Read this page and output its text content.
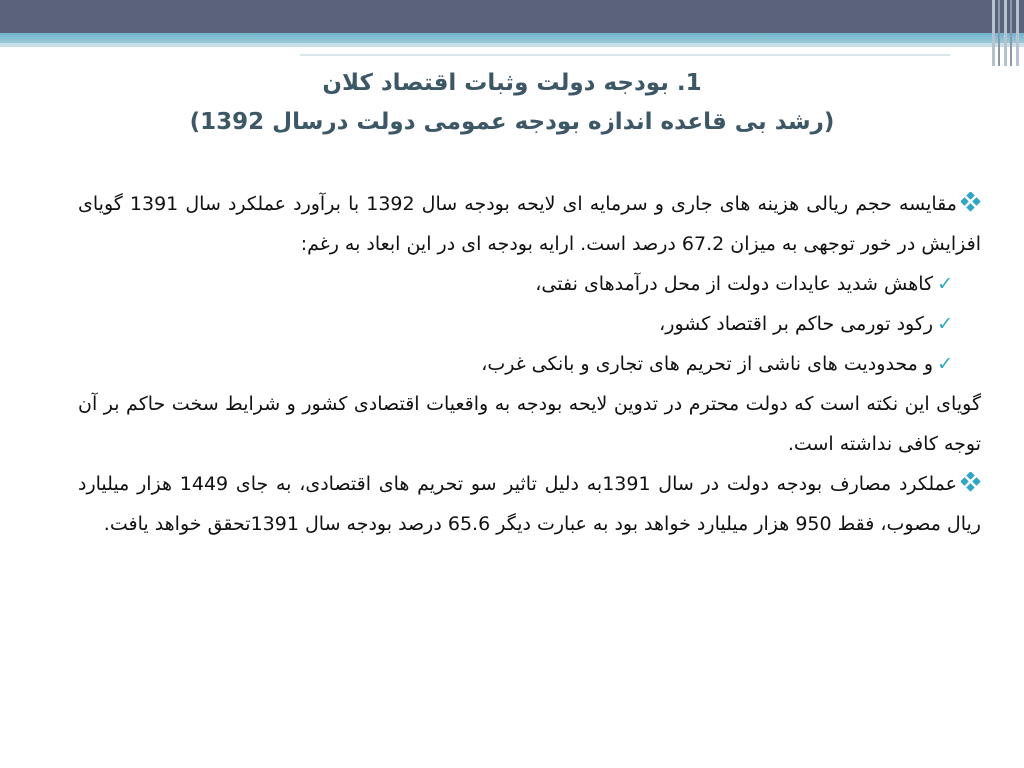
1. بودجه دولت وثبات اقتصاد کلان
(رشد بی قاعده اندازه بودجه عمومی دولت درسال 1392)

مقایسه حجم ریالی هزینه های جاری و سرمایه ای لایحه بودجه سال 1392 با برآورد عملکرد سال 1391 گویای افزایش در خور توجهی به میزان 67.2 درصد است. ارایه بودجه ای در این ابعاد به رغم:

✓کاهش شدید عایدات دولت از محل درآمدهای نفتی،

✓رکود تورمی حاکم بر اقتصاد کشور،

✓و محدودیت های ناشی از تحریم های تجاری و بانکی غرب،

گویای این نکته است که دولت محترم در تدوین لایحه بودجه به واقعیات اقتصادی کشور و شرایط سخت حاکم بر آن توجه کافی نداشته است.

عملکرد مصارف بودجه دولت در سال 1391به دلیل تاثیر سو تحریم های اقتصادی، به جای 1449 هزار میلیارد ریال مصوب، فقط 950 هزار میلیارد خواهد بود به عبارت دیگر 65.6 درصد بودجه سال 1391تحقق خواهد یافت.
